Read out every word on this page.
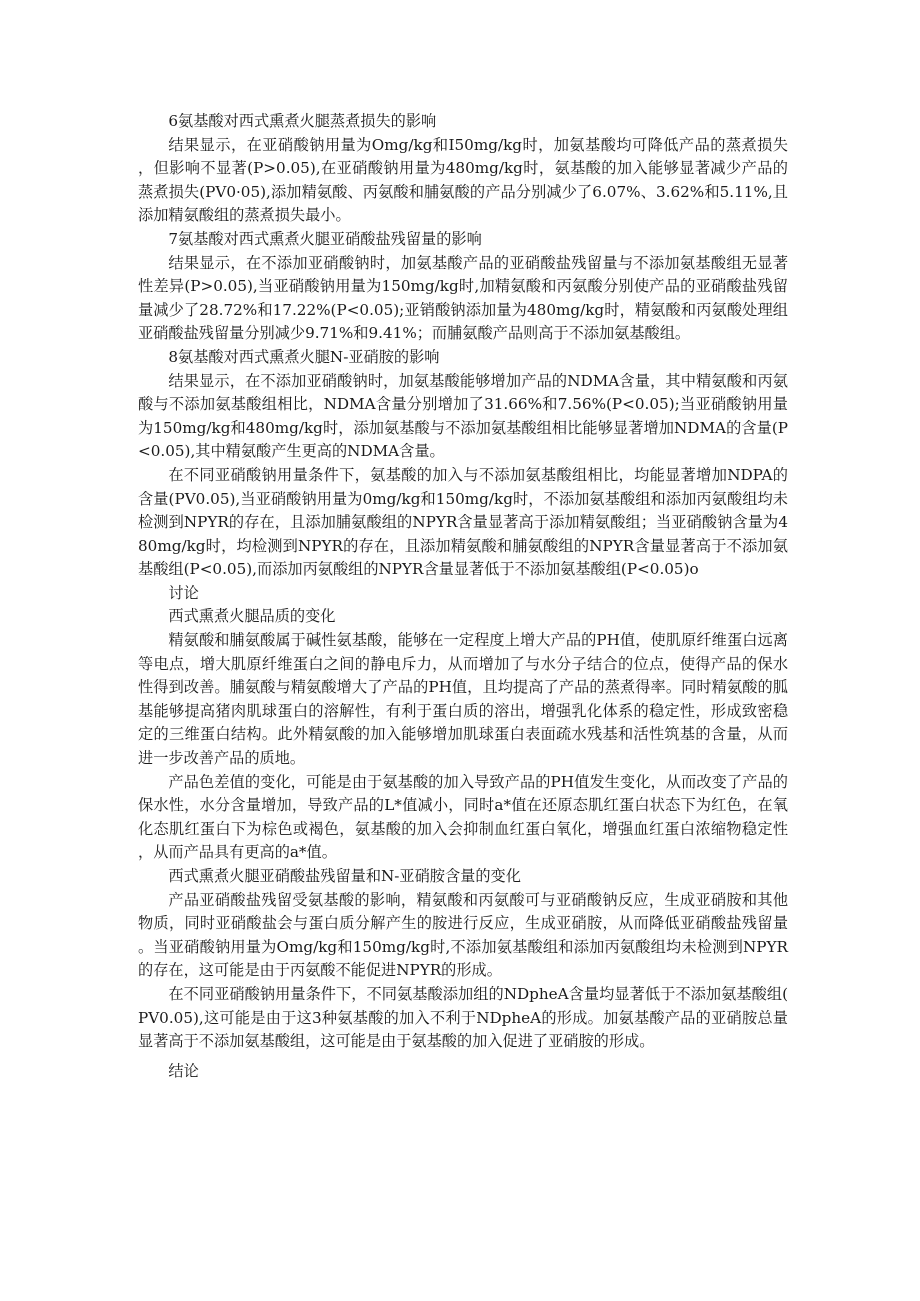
6氨基酸对西式熏煮火腿蒸煮损失的影响

结果显示，在亚硝酸钠用量为Omg/kg和I50mg/kg时，加氨基酸均可降低产品的蒸煮损失，但影响不显著(P>0.05),在亚硝酸钠用量为480mg/kg时，氨基酸的加入能够显著减少产品的蒸煮损失(PV0·05),添加精氨酸、丙氨酸和脯氨酸的产品分别减少了6.07%、3.62%和5.11%,且添加精氨酸组的蒸煮损失最小。

7氨基酸对西式熏煮火腿亚硝酸盐残留量的影响

结果显示，在不添加亚硝酸钠时，加氨基酸产品的亚硝酸盐残留量与不添加氨基酸组无显著性差异(P>0.05),当亚硝酸钠用量为150mg/kg时,加精氨酸和丙氨酸分别使产品的亚硝酸盐残留量减少了28.72%和17.22%(P<0.05);亚销酸钠添加量为480mg/kg时，精氨酸和丙氨酸处理组亚硝酸盐残留量分别减少9.71%和9.41%；而脯氨酸产品则高于不添加氨基酸组。

8氨基酸对西式熏煮火腿N-亚硝胺的影响

结果显示，在不添加亚硝酸钠时，加氨基酸能够增加产品的NDMA含量，其中精氨酸和丙氨酸与不添加氨基酸组相比，NDMA含量分别增加了31.66%和7.56%(P<0.05);当亚硝酸钠用量为150mg/kg和480mg/kg时，添加氨基酸与不添加氨基酸组相比能够显著增加NDMA的含量(P<0.05),其中精氨酸产生更高的NDMA含量。

在不同亚硝酸钠用量条件下，氨基酸的加入与不添加氨基酸组相比，均能显著增加NDPA的含量(PV0.05),当亚硝酸钠用量为0mg/kg和150mg/kg时，不添加氨基酸组和添加丙氨酸组均未检测到NPYR的存在，且添加脯氨酸组的NPYR含量显著高于添加精氨酸组；当亚硝酸钠含量为480mg/kg时，均检测到NPYR的存在，且添加精氨酸和脯氨酸组的NPYR含量显著高于不添加氨基酸组(P<0.05),而添加丙氨酸组的NPYR含量显著低于不添加氨基酸组(P<0.05)o

讨论

西式熏煮火腿品质的变化

精氨酸和脯氨酸属于碱性氨基酸，能够在一定程度上增大产品的PH值，使肌原纤维蛋白远离等电点，增大肌原纤维蛋白之间的静电斥力，从而增加了与水分子结合的位点，使得产品的保水性得到改善。脯氨酸与精氨酸增大了产品的PH值，且均提高了产品的蒸煮得率。同时精氨酸的胍基能够提高猪肉肌球蛋白的溶解性，有利于蛋白质的溶出，增强乳化体系的稳定性，形成致密稳定的三维蛋白结构。此外精氨酸的加入能够增加肌球蛋白表面疏水残基和活性筑基的含量，从而进一步改善产品的质地。

产品色差值的变化，可能是由于氨基酸的加入导致产品的PH值发生变化，从而改变了产品的保水性，水分含量增加，导致产品的L*值减小，同时a*值在还原态肌红蛋白状态下为红色，在氧化态肌红蛋白下为棕色或褐色，氨基酸的加入会抑制血红蛋白氧化，增强血红蛋白浓缩物稳定性，从而产品具有更高的a*值。

西式熏煮火腿亚硝酸盐残留量和N-亚硝胺含量的变化

产品亚硝酸盐残留受氨基酸的影响，精氨酸和丙氨酸可与亚硝酸钠反应，生成亚硝胺和其他物质，同时亚硝酸盐会与蛋白质分解产生的胺进行反应，生成亚硝胺，从而降低亚硝酸盐残留量。当亚硝酸钠用量为Omg/kg和150mg/kg时,不添加氨基酸组和添加丙氨酸组均未检测到NPYR的存在，这可能是由于丙氨酸不能促进NPYR的形成。

在不同亚硝酸钠用量条件下，不同氨基酸添加组的NDpheA含量均显著低于不添加氨基酸组(PV0.05),这可能是由于这3种氨基酸的加入不利于NDpheA的形成。加氨基酸产品的亚硝胺总量显著高于不添加氨基酸组，这可能是由于氨基酸的加入促进了亚硝胺的形成。

结论
